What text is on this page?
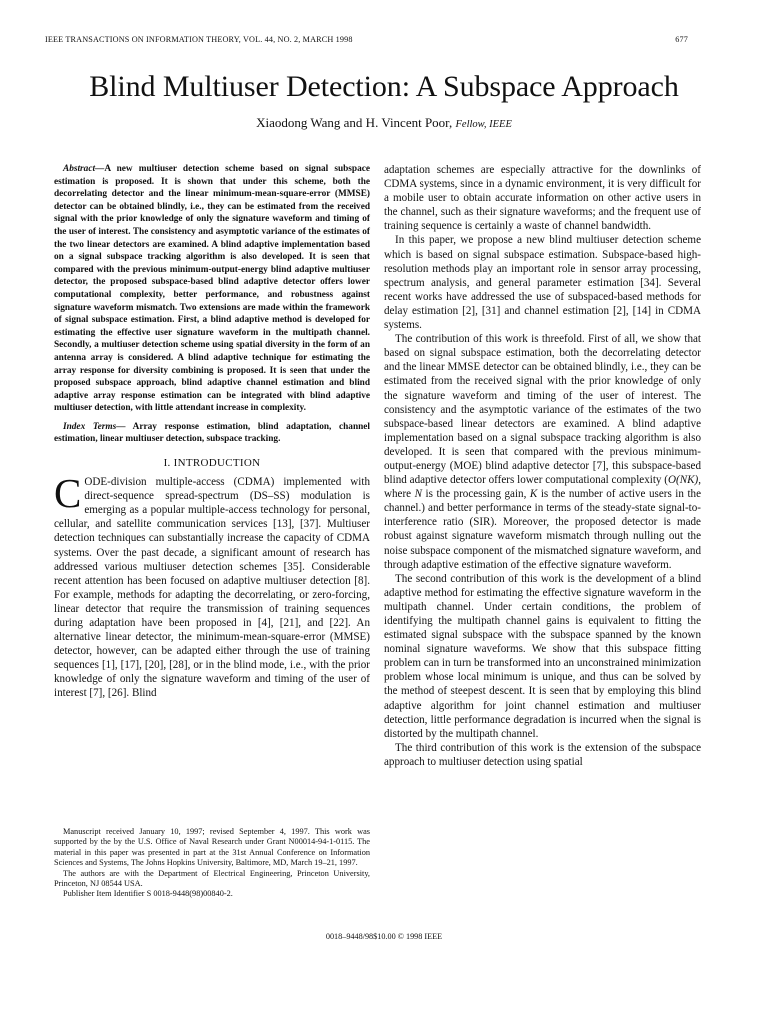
IEEE TRANSACTIONS ON INFORMATION THEORY, VOL. 44, NO. 2, MARCH 1998	677
Blind Multiuser Detection: A Subspace Approach
Xiaodong Wang and H. Vincent Poor, Fellow, IEEE

Abstract—A new multiuser detection scheme based on signal subspace estimation is proposed. It is shown that under this scheme, both the decorrelating detector and the linear minimum-mean-square-error (MMSE) detector can be obtained blindly, i.e., they can be estimated from the received signal with the prior knowledge of only the signature waveform and timing of the user of interest. The consistency and asymptotic variance of the estimates of the two linear detectors are examined. A blind adaptive implementation based on a signal subspace tracking algorithm is also developed. It is seen that compared with the previous minimum-output-energy blind adaptive multiuser detector, the proposed subspace-based blind adaptive detector offers lower computational complexity, better performance, and robustness against signature waveform mismatch. Two extensions are made within the framework of signal subspace estimation. First, a blind adaptive method is developed for estimating the effective user signature waveform in the multipath channel. Secondly, a multiuser detection scheme using spatial diversity in the form of an antenna array is considered. A blind adaptive technique for estimating the array response for diversity combining is proposed. It is seen that under the proposed subspace approach, blind adaptive channel estimation and blind adaptive array response estimation can be integrated with blind adaptive multiuser detection, with little attendant increase in complexity.

Index Terms— Array response estimation, blind adaptation, channel estimation, linear multiuser detection, subspace tracking.

I. INTRODUCTION

CODE-division multiple-access (CDMA) implemented with direct-sequence spread-spectrum (DS–SS) modulation is emerging as a popular multiple-access technology for personal, cellular, and satellite communication services [13], [37]. Multiuser detection techniques can substantially increase the capacity of CDMA systems. Over the past decade, a significant amount of research has addressed various multiuser detection schemes [35]. Considerable recent attention has been focused on adaptive multiuser detection [8]. For example, methods for adapting the decorrelating, or zero-forcing, linear detector that require the transmission of training sequences during adaptation have been proposed in [4], [21], and [22]. An alternative linear detector, the minimum-mean-square-error (MMSE) detector, however, can be adapted either through the use of training sequences [1], [17], [20], [28], or in the blind mode, i.e., with the prior knowledge of only the signature waveform and timing of the user of interest [7], [26]. Blind

Manuscript received January 10, 1997; revised September 4, 1997. This work was supported by the by the U.S. Office of Naval Research under Grant N00014-94-1-0115. The material in this paper was presented in part at the 31st Annual Conference on Information Sciences and Systems, The Johns Hopkins University, Baltimore, MD, March 19–21, 1997.

The authors are with the Department of Electrical Engineering, Princeton University, Princeton, NJ 08544 USA.

Publisher Item Identifier S 0018-9448(98)00840-2.

adaptation schemes are especially attractive for the downlinks of CDMA systems, since in a dynamic environment, it is very difficult for a mobile user to obtain accurate information on other active users in the channel, such as their signature waveforms; and the frequent use of training sequence is certainly a waste of channel bandwidth.

In this paper, we propose a new blind multiuser detection scheme which is based on signal subspace estimation. Subspace-based high-resolution methods play an important role in sensor array processing, spectrum analysis, and general parameter estimation [34]. Several recent works have addressed the use of subspaced-based methods for delay estimation [2], [31] and channel estimation [2], [14] in CDMA systems.

The contribution of this work is threefold. First of all, we show that based on signal subspace estimation, both the decorrelating detector and the linear MMSE detector can be obtained blindly, i.e., they can be estimated from the received signal with the prior knowledge of only the signature waveform and timing of the user of interest. The consistency and the asymptotic variance of the estimates of the two subspace-based linear detectors are examined. A blind adaptive implementation based on a signal subspace tracking algorithm is also developed. It is seen that compared with the previous minimum-output-energy (MOE) blind adaptive detector [7], this subspace-based blind adaptive detector offers lower computational complexity (O(NK), where N is the processing gain, K is the number of active users in the channel.) and better performance in terms of the steady-state signal-to-interference ratio (SIR). Moreover, the proposed detector is made robust against signature waveform mismatch through nulling out the noise subspace component of the mismatched signature waveform, and through adaptive estimation of the effective signature waveform.

The second contribution of this work is the development of a blind adaptive method for estimating the effective signature waveform in the multipath channel. Under certain conditions, the problem of identifying the multipath channel gains is equivalent to fitting the estimated signal subspace with the subspace spanned by the known nominal signature waveforms. We show that this subspace fitting problem can in turn be transformed into an unconstrained minimization problem whose local minimum is unique, and thus can be solved by the method of steepest descent. It is seen that by employing this blind adaptive algorithm for joint channel estimation and multiuser detection, little performance degradation is incurred when the signal is distorted by the multipath channel.

The third contribution of this work is the extension of the subspace approach to multiuser detection using spatial

0018–9448/98$10.00 © 1998 IEEE
